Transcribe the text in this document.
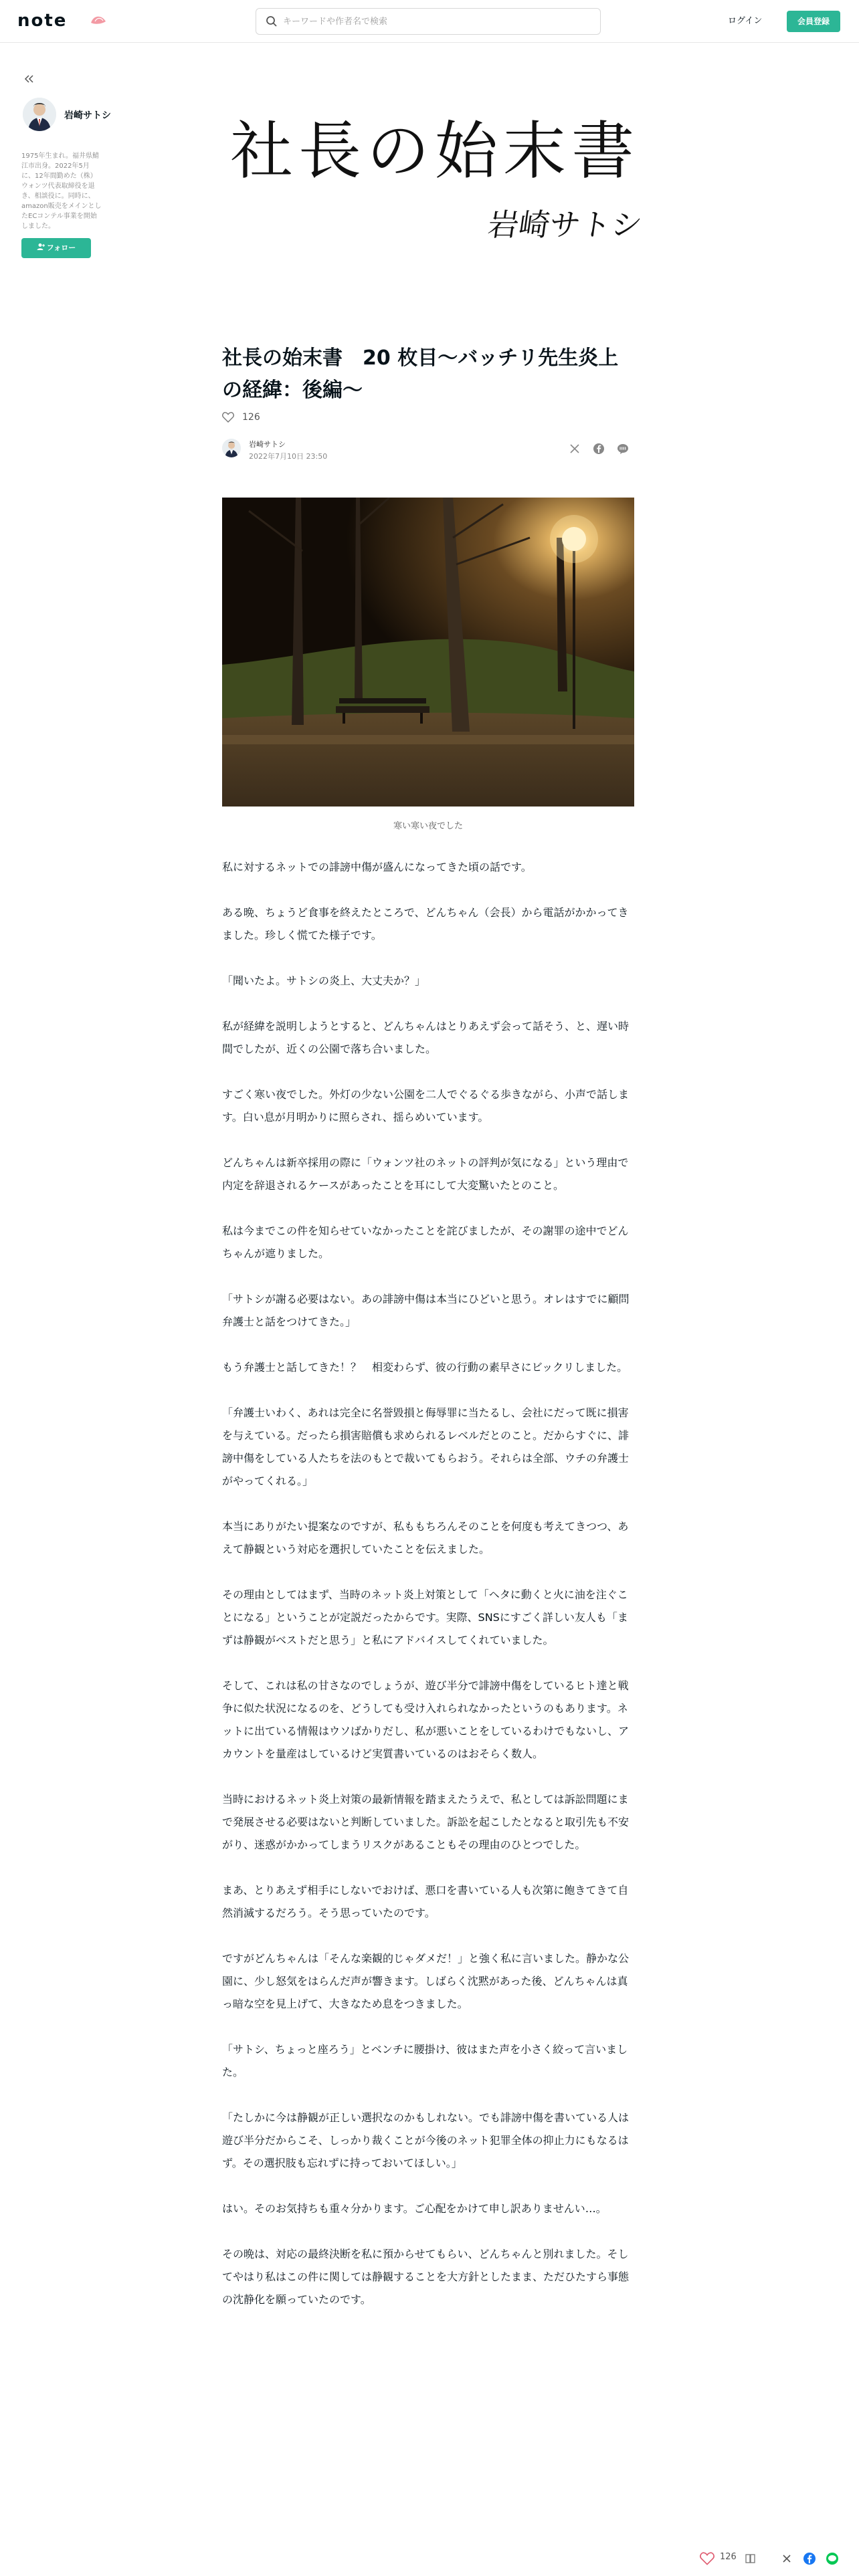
note
キーワードや作者名で検索	ログイン	会員登録
岩崎サトシ
1975年生まれ。福井県鯖江市出身。2022年5月に、12年間勤めた（株）ウォンツ代表取締役を退き、相談役に。同時に、amazon販売をメインとしたECコンテル事業を開始しました。
フォロー
社長の始末書
岩崎サトシ
社長の始末書　20 枚目〜バッチリ先生炎上の経緯：後編〜
126
岩崎サトシ
2022年7月10日 23:50
寒い寒い夜でした

私に対するネットでの誹謗中傷が盛んになってきた頃の話です。

ある晩、ちょうど食事を終えたところで、どんちゃん（会長）から電話がかかってきました。珍しく慌てた様子です。

「聞いたよ。サトシの炎上、大丈夫か？」

私が経緯を説明しようとすると、どんちゃんはとりあえず会って話そう、と、遅い時間でしたが、近くの公園で落ち合いました。

すごく寒い夜でした。外灯の少ない公園を二人でぐるぐる歩きながら、小声で話します。白い息が月明かりに照らされ、揺らめいています。

どんちゃんは新卒採用の際に「ウォンツ社のネットの評判が気になる」という理由で内定を辞退されるケースがあったことを耳にして大変驚いたとのこと。

私は今までこの件を知らせていなかったことを詫びましたが、その謝罪の途中でどんちゃんが遮りました。

「サトシが謝る必要はない。あの誹謗中傷は本当にひどいと思う。オレはすでに顧問弁護士と話をつけてきた。」

もう弁護士と話してきた！？　相変わらず、彼の行動の素早さにビックリしました。

「弁護士いわく、あれは完全に名誉毀損と侮辱罪に当たるし、会社にだって既に損害を与えている。だったら損害賠償も求められるレベルだとのこと。だからすぐに、誹謗中傷をしている人たちを法のもとで裁いてもらおう。それらは全部、ウチの弁護士がやってくれる。」

本当にありがたい提案なのですが、私ももちろんそのことを何度も考えてきつつ、あえて静観という対応を選択していたことを伝えました。

その理由としてはまず、当時のネット炎上対策として「ヘタに動くと火に油を注ぐことになる」ということが定説だったからです。実際、SNSにすごく詳しい友人も「まずは静観がベストだと思う」と私にアドバイスしてくれていました。

そして、これは私の甘さなのでしょうが、遊び半分で誹謗中傷をしているヒト達と戦争に似た状況になるのを、どうしても受け入れられなかったというのもあります。ネットに出ている情報はウソばかりだし、私が悪いことをしているわけでもないし、アカウントを量産はしているけど実質書いているのはおそらく数人。

当時におけるネット炎上対策の最新情報を踏まえたうえで、私としては訴訟問題にまで発展させる必要はないと判断していました。訴訟を起こしたとなると取引先も不安がり、迷惑がかかってしまうリスクがあることもその理由のひとつでした。

まあ、とりあえず相手にしないでおけば、悪口を書いている人も次第に飽きてきて自然消滅するだろう。そう思っていたのです。

ですがどんちゃんは「そんな楽観的じゃダメだ！」と強く私に言いました。静かな公園に、少し怒気をはらんだ声が響きます。しばらく沈黙があった後、どんちゃんは真っ暗な空を見上げて、大きなため息をつきました。

「サトシ、ちょっと座ろう」とベンチに腰掛け、彼はまた声を小さく絞って言いました。

「たしかに今は静観が正しい選択なのかもしれない。でも誹謗中傷を書いている人は遊び半分だからこそ、しっかり裁くことが今後のネット犯罪全体の抑止力にもなるはず。その選択肢も忘れずに持っておいてほしい。」

はい。そのお気持ちも重々分かります。ご心配をかけて申し訳ありませんい…。

その晩は、対応の最終決断を私に預からせてもらい、どんちゃんと別れました。そしてやはり私はこの件に関しては静観することを大方針としたまま、ただひたすら事態の沈静化を願っていたのです。

126
